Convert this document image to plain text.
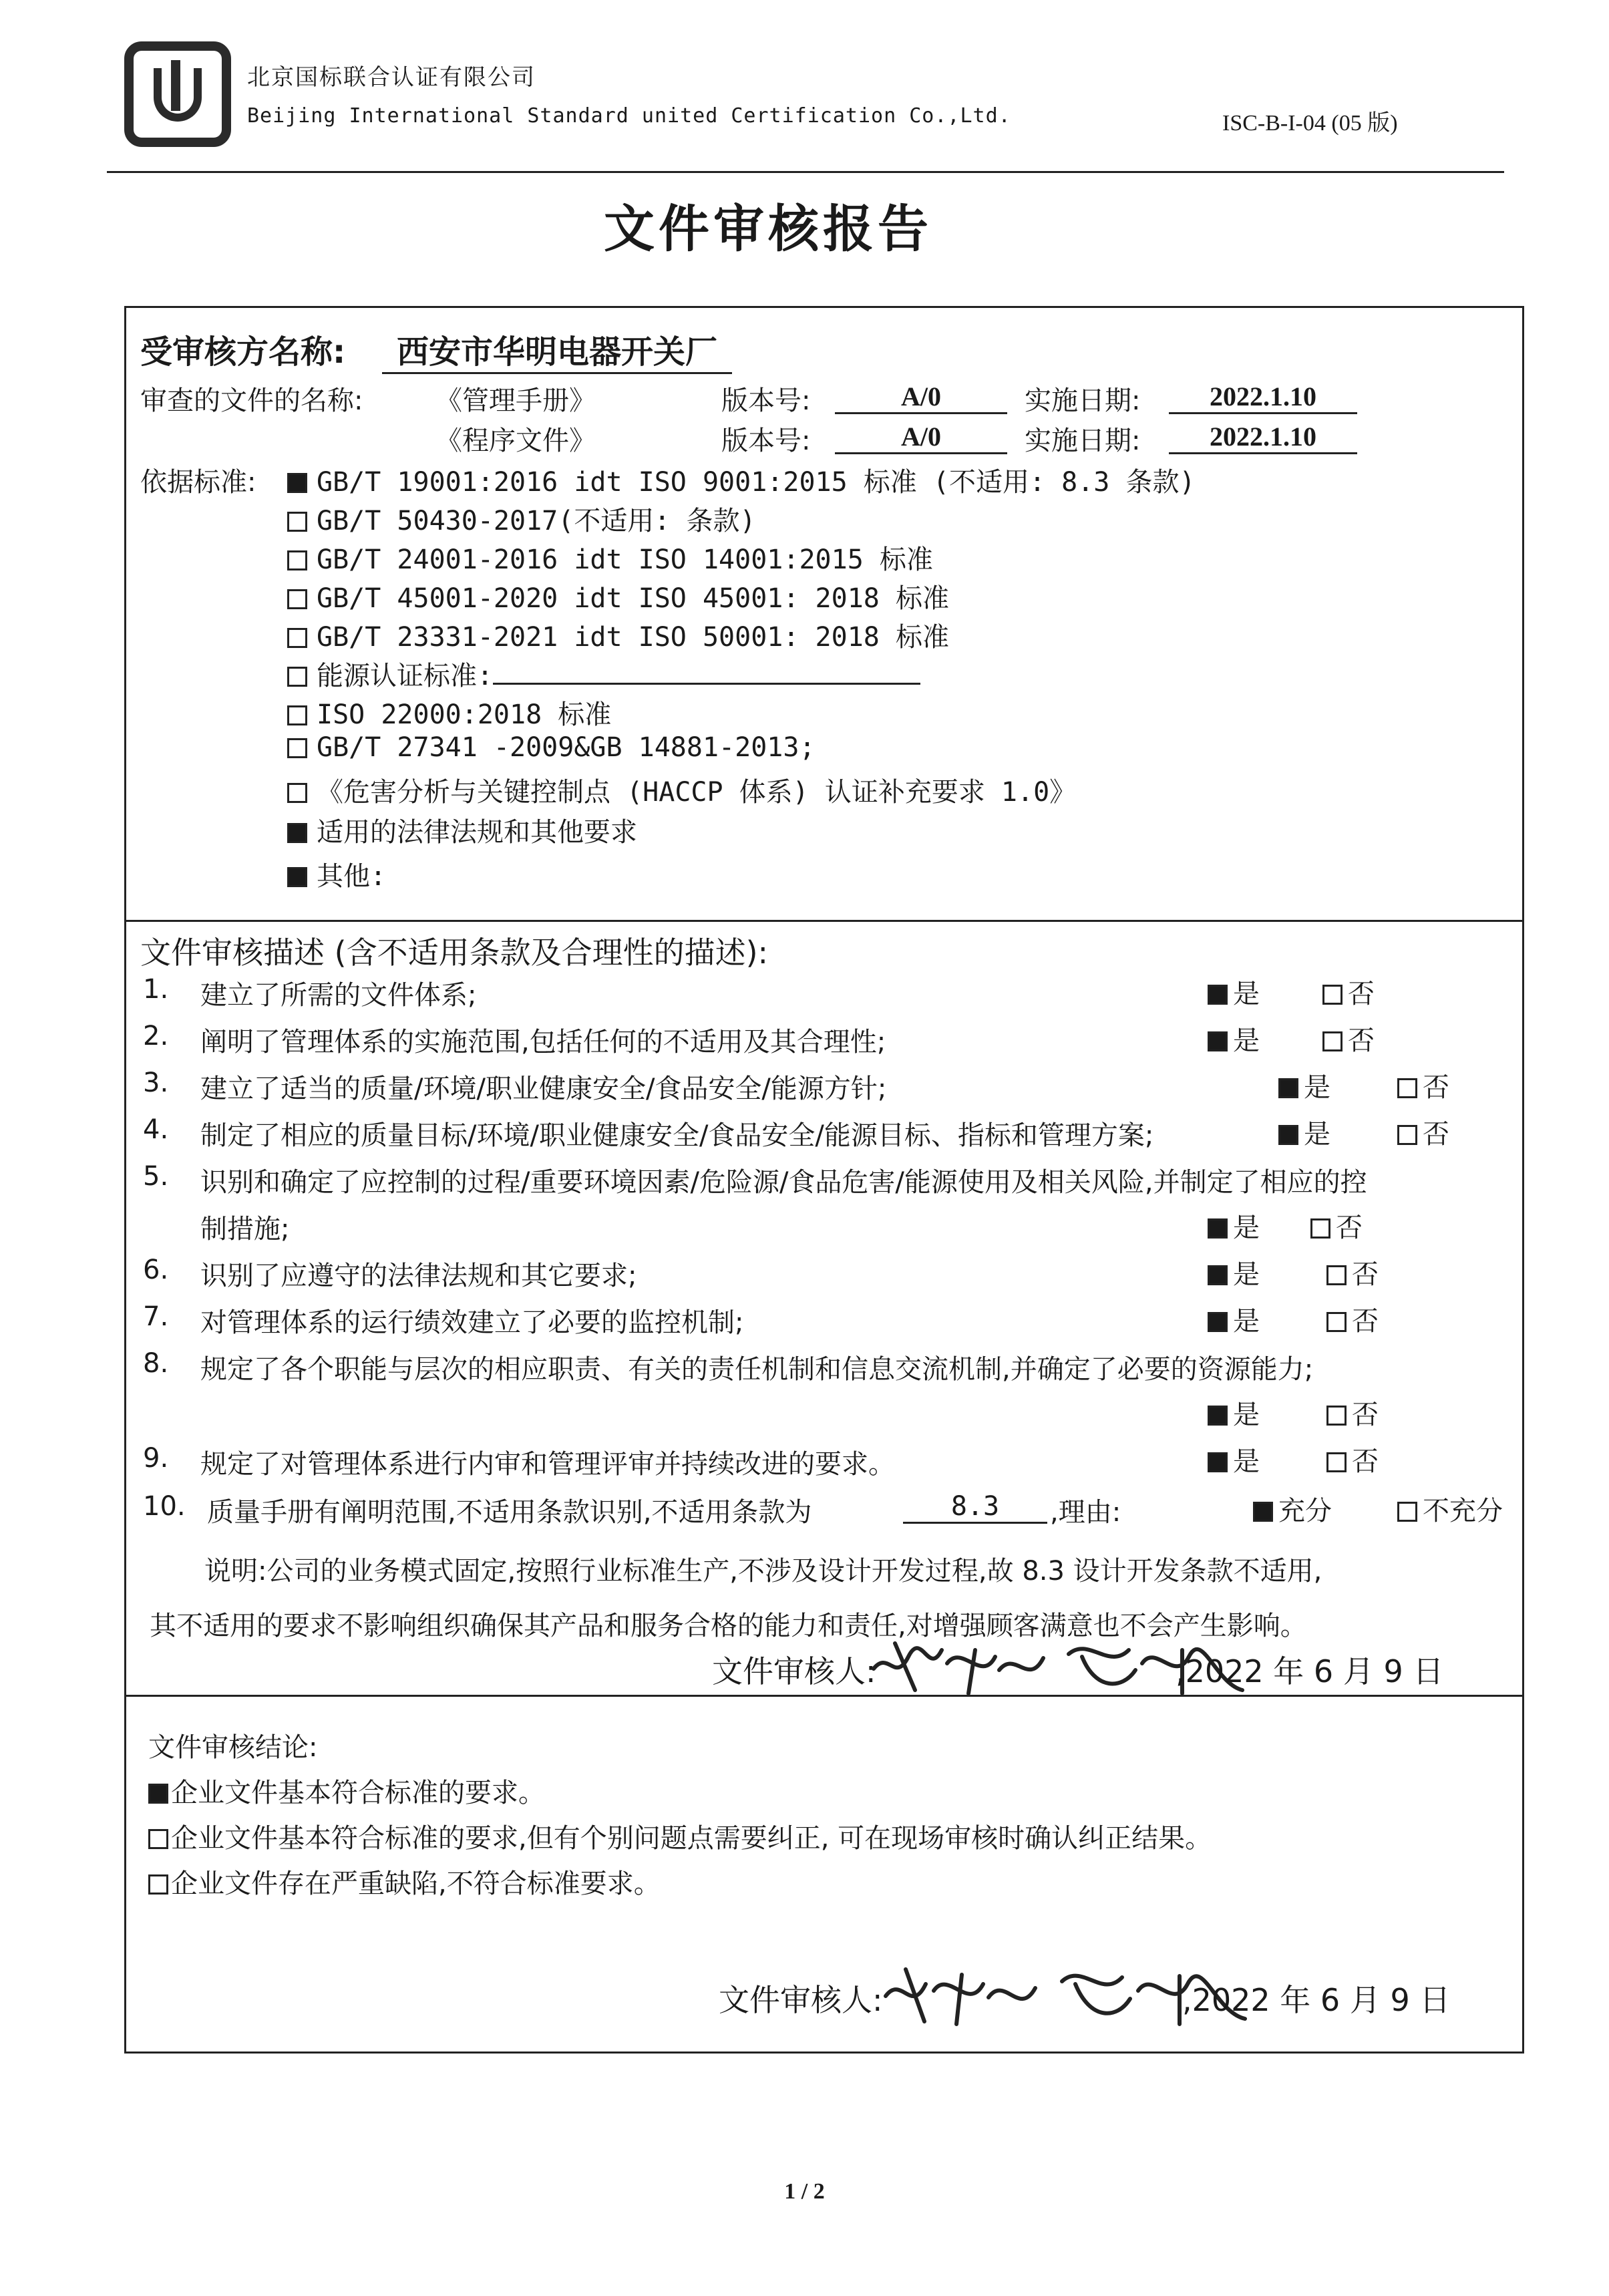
北京国标联合认证有限公司
Beijing International Standard united Certification Co.,Ltd.	ISC-B-I-04 (05 版)
文件审核报告
受审核方名称:	西安市华明电器开关厂
审查的文件的名称:	《管理手册》	版本号:	A/0	实施日期:	2022.1.10
《程序文件》	版本号:	A/0	实施日期:	2022.1.10
依据标准:	GB/T 19001:2016 idt ISO 9001:2015 标准 (不适用: 8.3 条款)
GB/T 50430-2017(不适用: 条款)
GB/T 24001-2016 idt ISO 14001:2015 标准
GB/T 45001-2020 idt ISO 45001: 2018 标准
GB/T 23331-2021 idt ISO 50001: 2018 标准
能源认证标准:
ISO 22000:2018 标准
GB/T 27341 -2009&GB 14881-2013;
《危害分析与关键控制点 (HACCP 体系) 认证补充要求 1.0》
适用的法律法规和其他要求
其他:
文件审核描述 (含不适用条款及合理性的描述):
1. 建立了所需的文件体系;	是	否
2. 阐明了管理体系的实施范围,包括任何的不适用及其合理性;	是	否
3. 建立了适当的质量/环境/职业健康安全/食品安全/能源方针;	是	否
4. 制定了相应的质量目标/环境/职业健康安全/食品安全/能源目标、指标和管理方案;	是	否
5. 识别和确定了应控制的过程/重要环境因素/危险源/食品危害/能源使用及相关风险,并制定了相应的控
制措施;	是	否
6. 识别了应遵守的法律法规和其它要求;	是	否
7. 对管理体系的运行绩效建立了必要的监控机制;	是	否
8. 规定了各个职能与层次的相应职责、有关的责任机制和信息交流机制,并确定了必要的资源能力;
是	否
9. 规定了对管理体系进行内审和管理评审并持续改进的要求。	是	否
10. 质量手册有阐明范围,不适用条款识别,不适用条款为	8.3	,理由:	充分	不充分
说明:公司的业务模式固定,按照行业标准生产,不涉及设计开发过程,故 8.3 设计开发条款不适用,
其不适用的要求不影响组织确保其产品和服务合格的能力和责任,对增强顾客满意也不会产生影响。
文件审核人:	,2022 年 6 月 9 日
文件审核结论:
企业文件基本符合标准的要求。
企业文件基本符合标准的要求,但有个别问题点需要纠正, 可在现场审核时确认纠正结果。
企业文件存在严重缺陷,不符合标准要求。
文件审核人:	,2022 年 6 月 9 日
1 / 2
